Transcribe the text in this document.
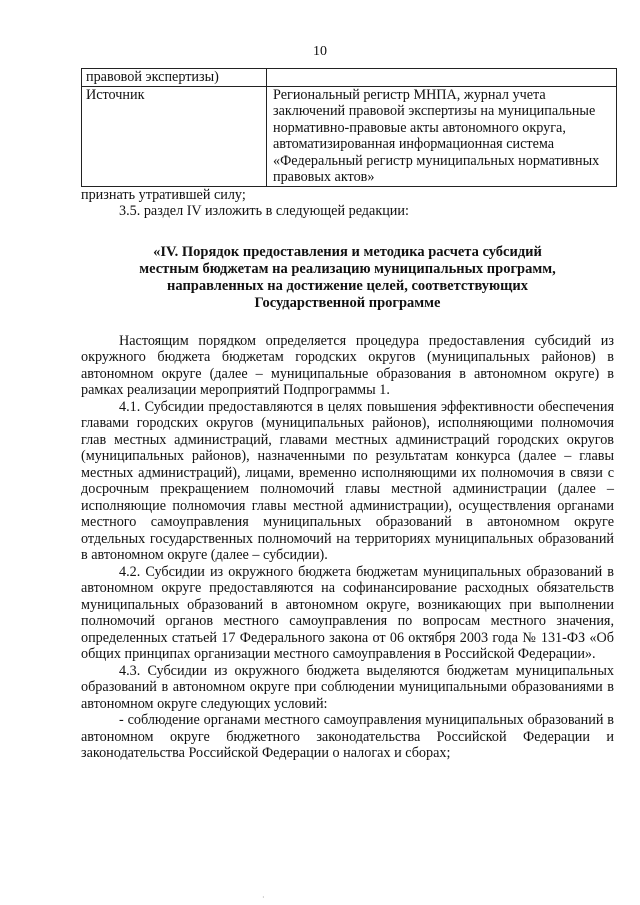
10
правовой экспертизы)	
Источник	Региональный регистр МНПА, журнал учета заключений правовой экспертизы на муниципальные нормативно-правовые акты автономного округа, автоматизированная информационная система «Федеральный регистр муниципальных нормативных правовых актов»

признать утратившей силу;

3.5. раздел IV изложить в следующей редакции:

«IV. Порядок предоставления и методика расчета субсидий
местным бюджетам на реализацию муниципальных программ,
направленных на достижение целей, соответствующих
Государственной программе

Настоящим порядком определяется процедура предоставления субсидий из окружного бюджета бюджетам городских округов (муниципальных районов) в автономном округе (далее – муниципальные образования в автономном округе) в рамках реализации мероприятий Подпрограммы 1.

4.1. Субсидии предоставляются в целях повышения эффективности обеспечения главами городских округов (муниципальных районов), исполняющими полномочия глав местных администраций, главами местных администраций городских округов (муниципальных районов), назначенными по результатам конкурса (далее – главы местных администраций), лицами, временно исполняющими их полномочия в связи с досрочным прекращением полномочий главы местной администрации (далее – исполняющие полномочия главы местной администрации), осуществления органами местного самоуправления муниципальных образований в автономном округе отдельных государственных полномочий на территориях муниципальных образований в автономном округе (далее – субсидии).

4.2. Субсидии из окружного бюджета бюджетам муниципальных образований в автономном округе предоставляются на софинансирование расходных обязательств муниципальных образований в автономном округе, возникающих при выполнении полномочий органов местного самоуправления по вопросам местного значения, определенных статьей 17 Федерального закона от 06 октября 2003 года № 131-ФЗ «Об общих принципах организации местного самоуправления в Российской Федерации».

4.3. Субсидии из окружного бюджета выделяются бюджетам муниципальных образований в автономном округе при соблюдении муниципальными образованиями в автономном округе следующих условий:

- соблюдение органами местного самоуправления муниципальных образований в автономном округе бюджетного законодательства Российской Федерации и законодательства Российской Федерации о налогах и сборах;

·
